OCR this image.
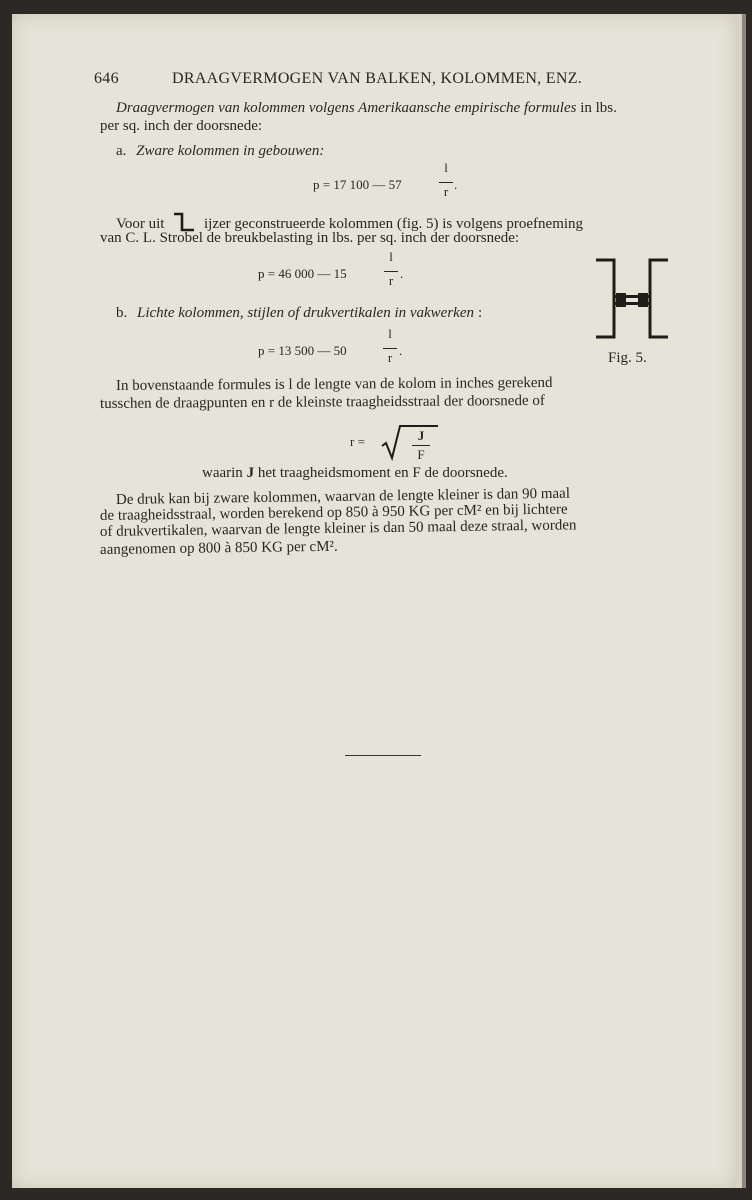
646	DRAAGVERMOGEN VAN BALKEN, KOLOMMEN, ENZ.
Draagvermogen van kolommen volgens Amerikaansche empirische formules in lbs.
per sq. inch der doorsnede:
a. Zware kolommen in gebouwen:
p = 17 100 — 57
l
r .
Voor uit	ijzer geconstrueerde kolommen (fig. 5) is volgens proefneming
van C. L. Strobel de breukbelasting in lbs. per sq. inch der doorsnede:
p = 46 000 — 15
l
r .
b. Lichte kolommen, stijlen of drukvertikalen in vakwerken :
p = 13 500 — 50
l
r .	Fig. 5.
In bovenstaande formules is l de lengte van de kolom in inches gerekend
tusschen de draagpunten en r de kleinste traagheidsstraal der doorsnede of
r =	J
F
waarin J het traagheidsmoment en F de doorsnede.
De druk kan bij zware kolommen, waarvan de lengte kleiner is dan 90 maal
de traagheidsstraal, worden berekend op 850 à 950 KG per cM² en bij lichtere
of drukvertikalen, waarvan de lengte kleiner is dan 50 maal deze straal, worden
aangenomen op 800 à 850 KG per cM².
